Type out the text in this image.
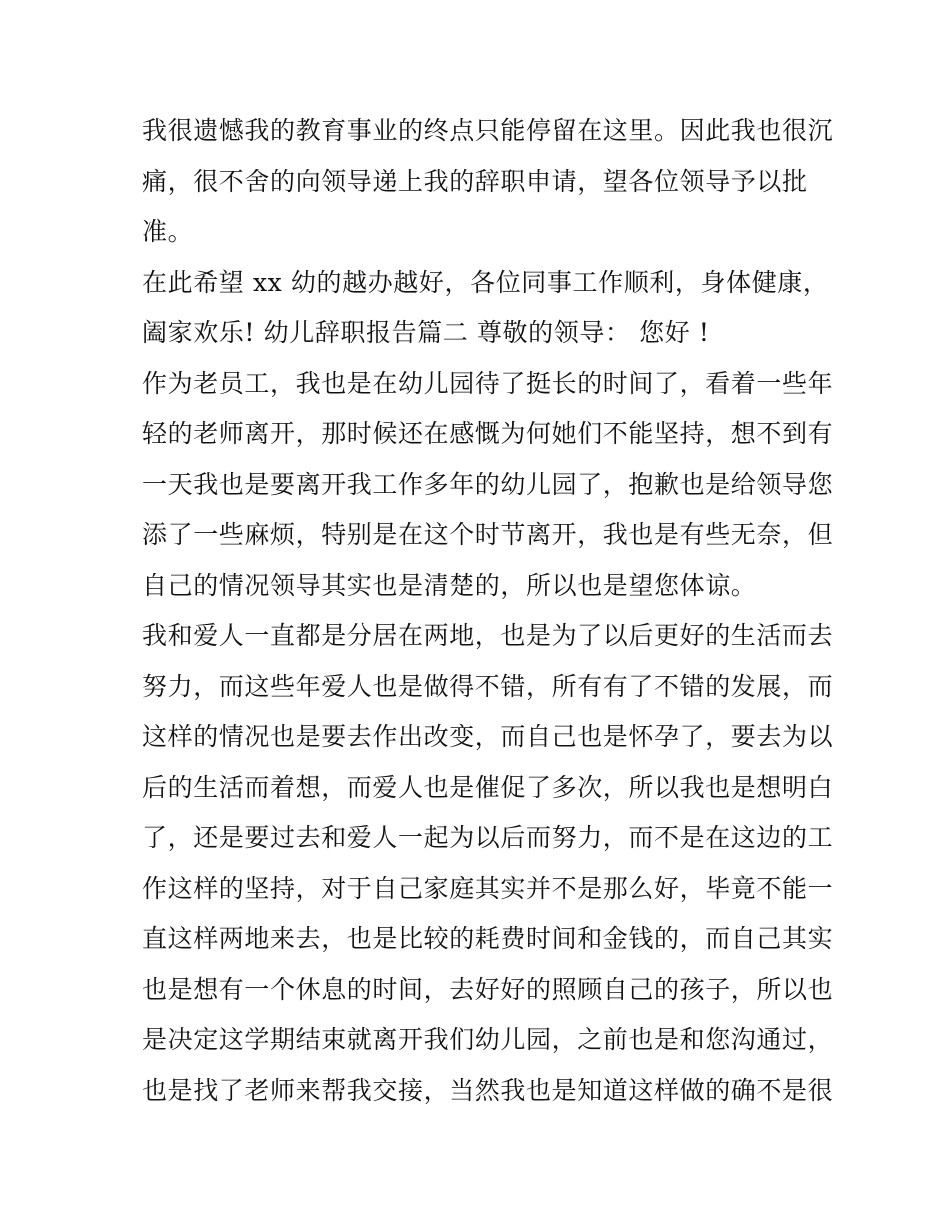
我很遗憾我的教育事业的终点只能停留在这里。因此我也很沉
痛，很不舍的向领导递上我的辞职申请，望各位领导予以批
准。
在此希望 xx 幼的越办越好，各位同事工作顺利，身体健康，
阖家欢乐! 幼儿辞职报告篇二 尊敬的领导： 您好 !
作为老员工，我也是在幼儿园待了挺长的时间了，看着一些年
轻的老师离开，那时候还在感慨为何她们不能坚持，想不到有
一天我也是要离开我工作多年的幼儿园了，抱歉也是给领导您
添了一些麻烦，特别是在这个时节离开，我也是有些无奈，但
自己的情况领导其实也是清楚的，所以也是望您体谅。
我和爱人一直都是分居在两地，也是为了以后更好的生活而去
努力，而这些年爱人也是做得不错，所有有了不错的发展，而
这样的情况也是要去作出改变，而自己也是怀孕了，要去为以
后的生活而着想，而爱人也是催促了多次，所以我也是想明白
了，还是要过去和爱人一起为以后而努力，而不是在这边的工
作这样的坚持，对于自己家庭其实并不是那么好，毕竟不能一
直这样两地来去，也是比较的耗费时间和金钱的，而自己其实
也是想有一个休息的时间，去好好的照顾自己的孩子，所以也
是决定这学期结束就离开我们幼儿园，之前也是和您沟通过，
也是找了老师来帮我交接，当然我也是知道这样做的确不是很
